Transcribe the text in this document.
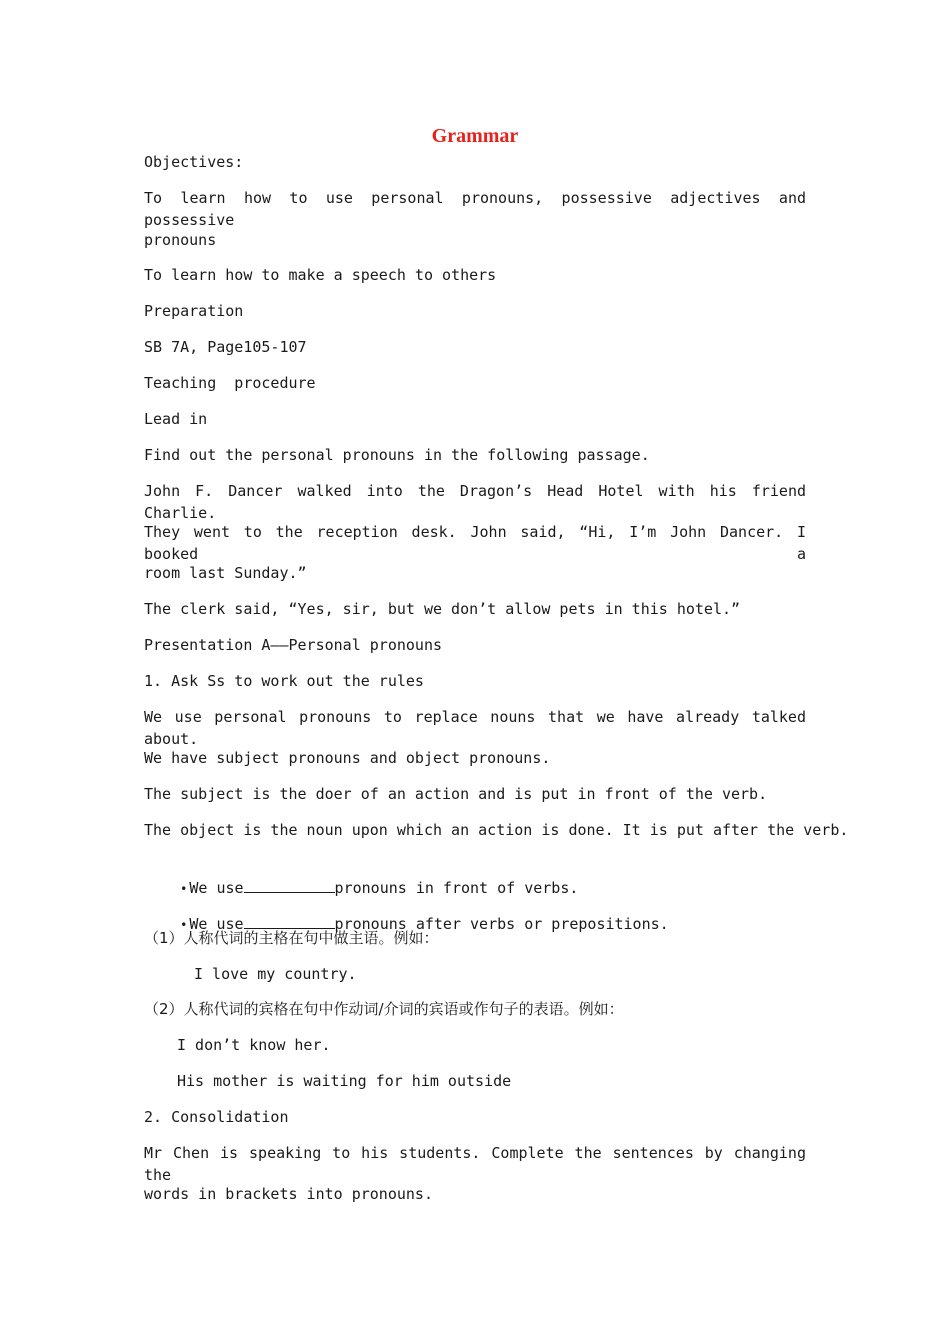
Grammar
Objectives:
To learn how to use personal pronouns, possessive adjectives and possessive
pronouns
To learn how to make a speech to others
Preparation
SB 7A, Page105-107
Teaching  procedure
Lead in
Find out the personal pronouns in the following passage.
John F. Dancer walked into the Dragon’s Head Hotel with his friend Charlie.
They went to the reception desk. John said, “Hi, I’m John Dancer. I booked a
room last Sunday.”
The clerk said, “Yes, sir, but we don’t allow pets in this hotel.”
Presentation A——Personal pronouns
1. Ask Ss to work out the rules
We use personal pronouns to replace nouns that we have already talked about.
We have subject pronouns and object pronouns.
The subject is the doer of an action and is put in front of the verb.
The object is the noun upon which an action is done. It is put after the verb.

• We use	pronouns in front of verbs.

• We use	pronouns after verbs or prepositions.

（1）人称代词的主格在句中做主语。例如：
I love my country.
（2）人称代词的宾格在句中作动词/介词的宾语或作句子的表语。例如：
I don’t know her.
His mother is waiting for him outside
2. Consolidation
Mr Chen is speaking to his students. Complete the sentences by changing the
words in brackets into pronouns.
